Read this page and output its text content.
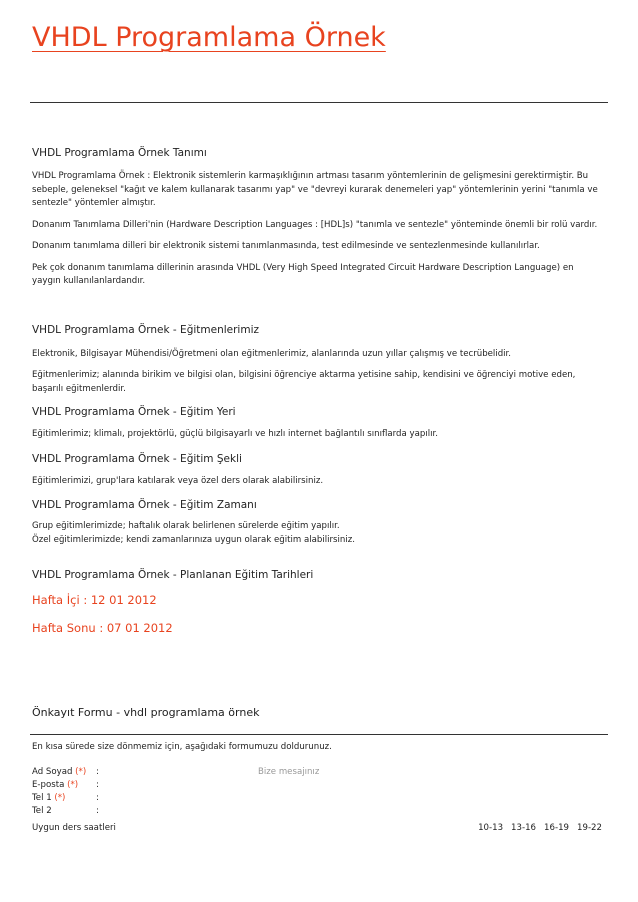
VHDL Programlama Örnek

VHDL Programlama Örnek Tanımı

VHDL Programlama Örnek : Elektronik sistemlerin karmaşıklığının artması tasarım yöntemlerinin de gelişmesini gerektirmiştir. Bu sebeple, geleneksel "kağıt ve kalem kullanarak tasarımı yap" ve "devreyi kurarak denemeleri yap" yöntemlerinin yerini "tanımla ve sentezle" yöntemler almıştır.

Donanım Tanımlama Dilleri'nin (Hardware Description Languages : [HDL]s) "tanımla ve sentezle" yönteminde önemli bir rolü vardır.

Donanım tanımlama dilleri bir elektronik sistemi tanımlanmasında, test edilmesinde ve sentezlenmesinde kullanılırlar.

Pek çok donanım tanımlama dillerinin arasında VHDL (Very High Speed Integrated Circuit Hardware Description Language) en yaygın kullanılanlardandır.

VHDL Programlama Örnek - Eğitmenlerimiz

Elektronik, Bilgisayar Mühendisi/Öğretmeni olan eğitmenlerimiz, alanlarında uzun yıllar çalışmış ve tecrübelidir.

Eğitmenlerimiz; alanında birikim ve bilgisi olan, bilgisini öğrenciye aktarma yetisine sahip, kendisini ve öğrenciyi motive eden, başarılı eğitmenlerdir.

VHDL Programlama Örnek - Eğitim Yeri

Eğitimlerimiz; klimalı, projektörlü, güçlü bilgisayarlı ve hızlı internet bağlantılı sınıflarda yapılır.

VHDL Programlama Örnek - Eğitim Şekli

Eğitimlerimizi, grup'lara katılarak veya özel ders olarak alabilirsiniz.

VHDL Programlama Örnek - Eğitim Zamanı

Grup eğitimlerimizde; haftalık olarak belirlenen sürelerde eğitim yapılır.

Özel eğitimlerimizde; kendi zamanlarınıza uygun olarak eğitim alabilirsiniz.

VHDL Programlama Örnek - Planlanan Eğitim Tarihleri

Hafta İçi : 12 01 2012

Hafta Sonu : 07 01 2012

Önkayıt Formu - vhdl programlama örnek

En kısa sürede size dönmemiz için, aşağıdaki formumuzu doldurunuz.
Ad Soyad (*) :	Bize mesajınız
E-posta (*) :
Tel 1 (*)	:
Tel 2	:
Uygun ders saatleri	10-13 13-16 16-19 19-22
